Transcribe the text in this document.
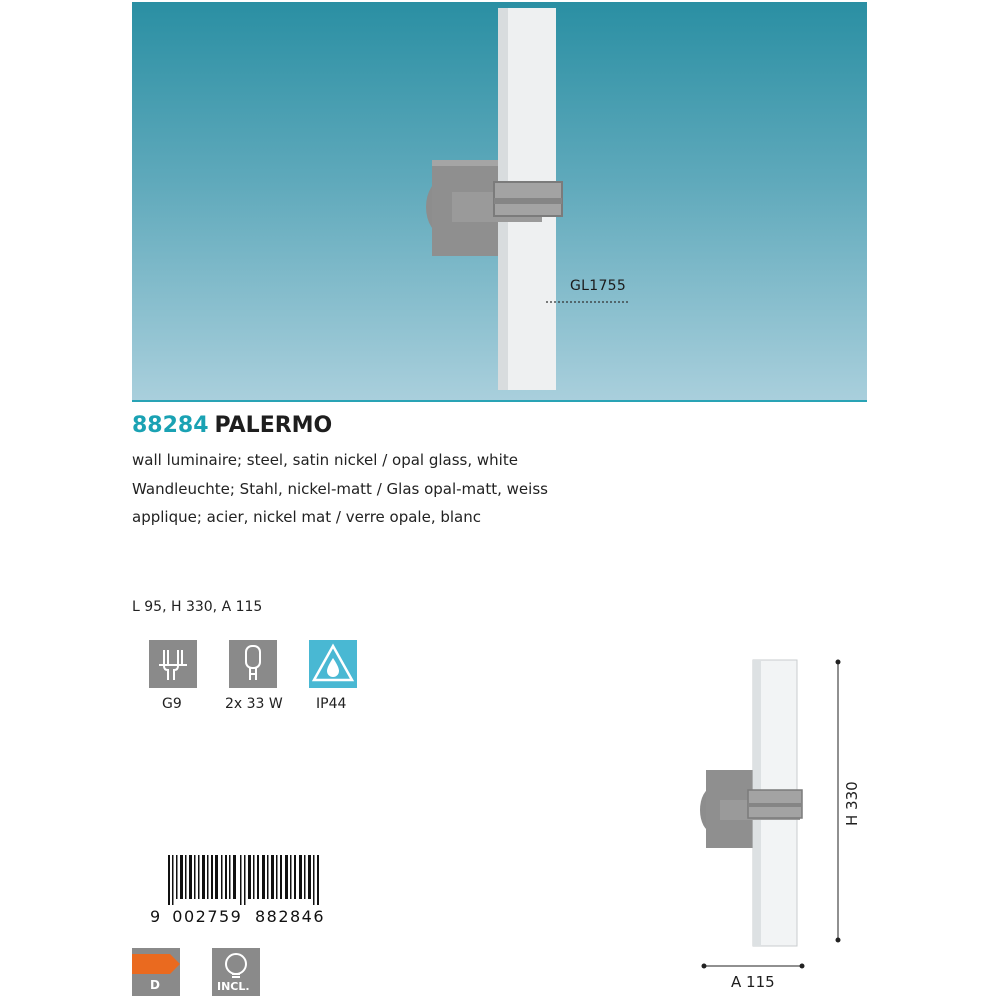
GL1755
88284 PALERMO
wall luminaire; steel, satin nickel / opal glass, white
Wandleuchte; Stahl, nickel-matt / Glas opal-matt, weiss
applique; acier, nickel mat / verre opale, blanc
L 95, H 330, A 115
G9	2x 33 W IP44
9 002759 882846
D	INCL.
H 330
A 115
